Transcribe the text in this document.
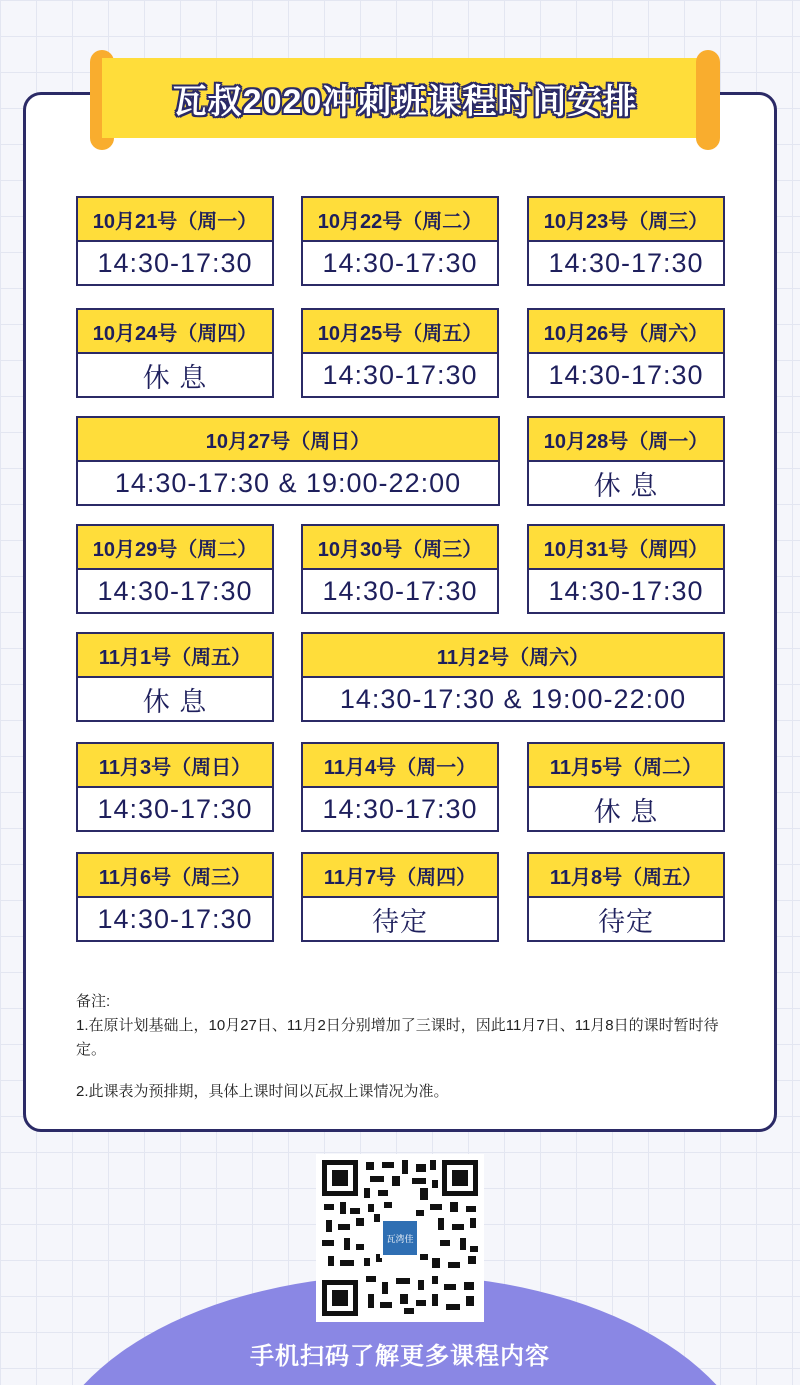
瓦叔2020冲刺班课程时间安排
10月21号（周一）
14:30-17:30
10月22号（周二）
14:30-17:30
10月23号（周三）
14:30-17:30
10月24号（周四）
休 息
10月25号（周五）
14:30-17:30
10月26号（周六）
14:30-17:30
10月27号（周日）
14:30-17:30 & 19:00-22:00
10月28号（周一）
休 息
10月29号（周二）
14:30-17:30
10月30号（周三）
14:30-17:30
10月31号（周四）
14:30-17:30
11月1号（周五）
休 息
11月2号（周六）
14:30-17:30 & 19:00-22:00
11月3号（周日）
14:30-17:30
11月4号（周一）
14:30-17:30
11月5号（周二）
休 息
11月6号（周三）
14:30-17:30
11月7号（周四）
待定
11月8号（周五）
待定

备注:

1.在原计划基础上，10月27日、11月2日分别增加了三课时，因此11月7日、11月8日的课时暂时待定。

2.此课表为预排期，具体上课时间以瓦叔上课情况为准。

瓦湾佳
手机扫码了解更多课程内容
